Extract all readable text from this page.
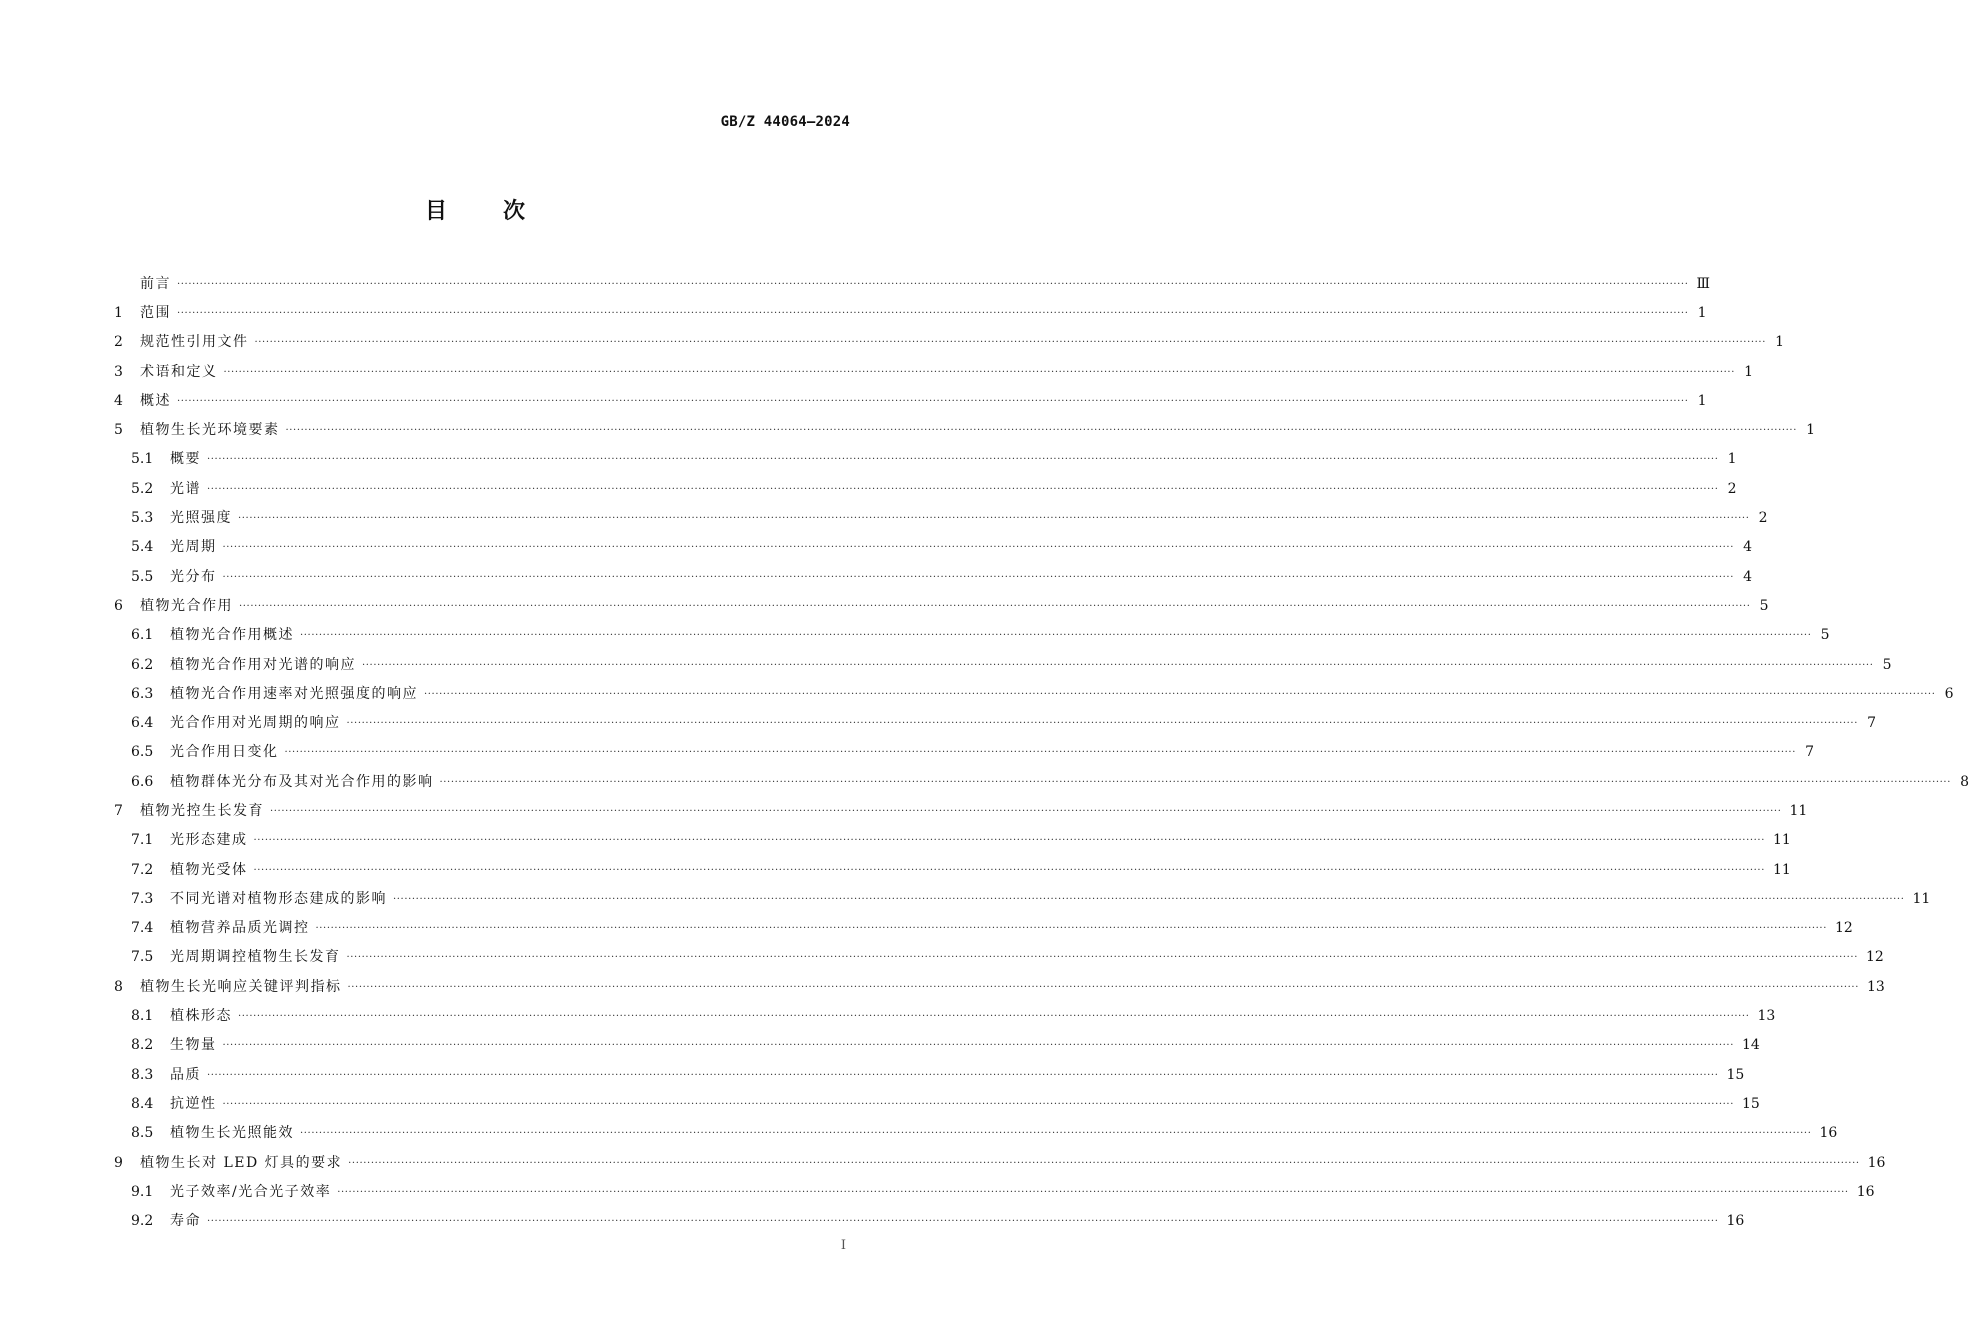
GB/Z 44064—2024
目	次
前言 ················································································································································································································································································································································································································ Ⅲ
1	范围 ················································································································································································································································································································································································································ 1
2	规范性引用文件 ················································································································································································································································································································································································································ 1
3	术语和定义 ················································································································································································································································································································································································································ 1
4	概述 ················································································································································································································································································································································································································ 1
5	植物生长光环境要素 ················································································································································································································································································································································································································ 1
5.1	概要 ················································································································································································································································································································································································································ 1
5.2	光谱 ················································································································································································································································································································································································································ 2
5.3	光照强度 ················································································································································································································································································································································································································ 2
5.4	光周期 ················································································································································································································································································································································································································ 4
5.5	光分布 ················································································································································································································································································································································································································ 4
6	植物光合作用 ················································································································································································································································································································································································································ 5
6.1	植物光合作用概述 ················································································································································································································································································································································································································ 5
6.2	植物光合作用对光谱的响应 ················································································································································································································································································································································································································ 5
6.3	植物光合作用速率对光照强度的响应 ················································································································································································································································································································································································································ 6
6.4	光合作用对光周期的响应 ················································································································································································································································································································································································································ 7
6.5	光合作用日变化 ················································································································································································································································································································································································································ 7
6.6	植物群体光分布及其对光合作用的影响 ················································································································································································································································································································································································································ 8
7	植物光控生长发育 ················································································································································································································································································································································································································ 11
7.1	光形态建成 ················································································································································································································································································································································································································ 11
7.2	植物光受体 ················································································································································································································································································································································································································ 11
7.3	不同光谱对植物形态建成的影响 ················································································································································································································································································································································································································ 11
7.4	植物营养品质光调控 ················································································································································································································································································································································································································ 12
7.5	光周期调控植物生长发育 ················································································································································································································································································································································································································ 12
8	植物生长光响应关键评判指标 ················································································································································································································································································································································································································ 13
8.1	植株形态 ················································································································································································································································································································································································································ 13
8.2	生物量 ················································································································································································································································································································································································································ 14
8.3	品质 ················································································································································································································································································································································································································ 15
8.4	抗逆性 ················································································································································································································································································································································································································ 15
8.5	植物生长光照能效 ················································································································································································································································································································································································································ 16
9	植物生长对 LED 灯具的要求 ················································································································································································································································································································································································································ 16
9.1	光子效率/光合光子效率 ················································································································································································································································································································································································································ 16
9.2	寿命 ················································································································································································································································································································································································································ 16
I
